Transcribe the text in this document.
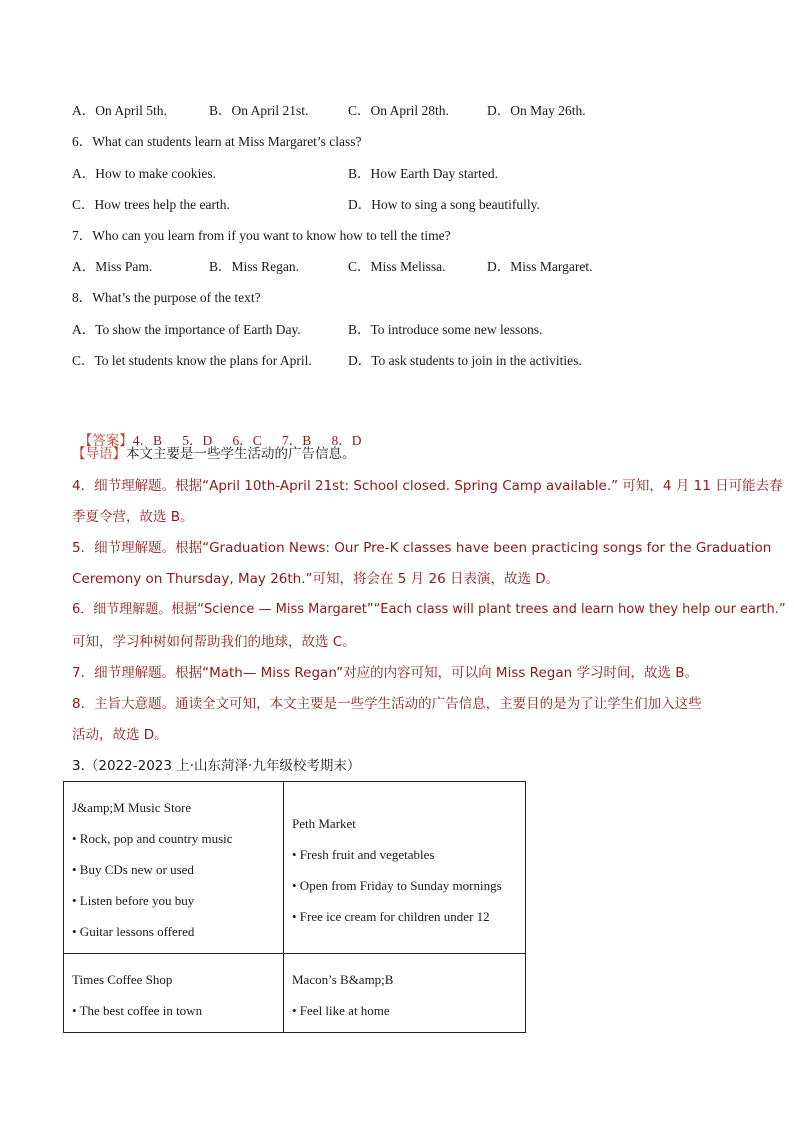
A．On April 5th.	B．On April 21st.	C．On April 28th.	D．On May 26th.
6．What can students learn at Miss Margaret’s class?
A．How to make cookies.	B．How Earth Day started.
C．How trees help the earth.	D．How to sing a song beautifully.
7．Who can you learn from if you want to know how to tell the time?
A．Miss Pam.	B．Miss Regan.	C．Miss Melissa.	D．Miss Margaret.
8．What’s the purpose of the text?
A．To show the importance of Earth Day.	B．To introduce some new lessons.
C．To let students know the plans for April.	D．To ask students to join in the activities.

【答案】4．B      5．D      6．C      7．B      8．D

【导语】本文主要是一些学生活动的广告信息。
4．细节理解题。根据“April 10th-April 21st: School closed. Spring Camp available.” 可知，4 月 11 日可能去春
季夏令营，故选 B。
5．细节理解题。根据“Graduation News: Our Pre-K classes have been practicing songs for the Graduation
Ceremony on Thursday, May 26th.”可知，将会在 5 月 26 日表演，故选 D。
6．细节理解题。根据“Science — Miss Margaret”“Each class will plant trees and learn how they help our earth.”
可知，学习种树如何帮助我们的地球，故选 C。
7．细节理解题。根据“Math— Miss Regan”对应的内容可知，可以向 Miss Regan 学习时间，故选 B。
8．主旨大意题。通读全文可知，本文主要是一些学生活动的广告信息，主要目的是为了让学生们加入这些
活动，故选 D。
3.（2022-2023 上·山东菏泽·九年级校考期末）
J&amp;M Music Store
• Rock, pop and country music
• Buy CDs new or used
• Listen before you buy
• Guitar lessons offered	Peth Market
• Fresh fruit and vegetables
• Open from Friday to Sunday mornings
• Free ice cream for children under 12

Times Coffee Shop
• The best coffee in town	Macon’s B&amp;B
• Feel like at home
